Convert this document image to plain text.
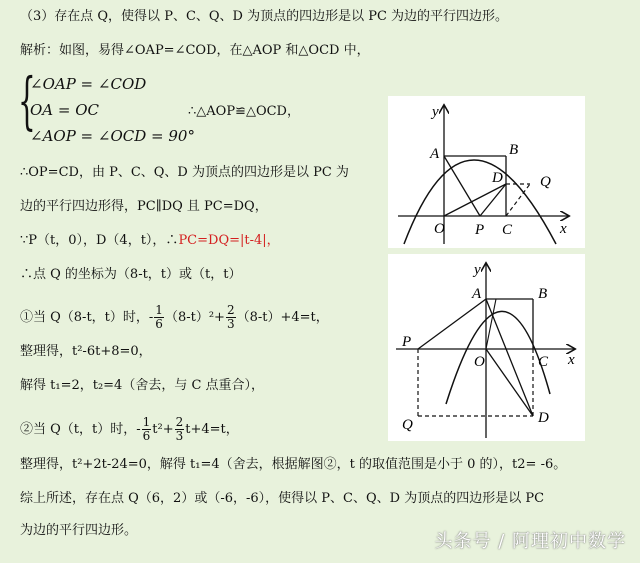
（3）存在点 Q，使得以 P、C、Q、D 为顶点的四边形是以 PC 为边的平行四边形。
解析：如图，易得∠OAP=∠COD，在△AOP 和△OCD 中，
{
∠OAP = ∠COD
OA = OC
∠AOP = ∠OCD = 90°
∴△AOP≌△OCD，
∴OP=CD，由 P、C、Q、D 为顶点的四边形是以 PC 为
边的平行四边形得，PC∥DQ 且 PC=DQ，
∵P（t，0），D（4，t），∴PC=DQ=|t-4|，
∴点 Q 的坐标为（8-t，t）或（t，t）
①当 Q（8-t，t）时，- $\frac{1}{6} (8-t)^2+ \frac{2}{3} (8-t)+4=t$，
整理得，t²-6t+8=0，
解得 t₁=2，t₂=4（舍去，与 C 点重合），
②当 Q（t，t）时，- $\frac{1}{6} t^2+ \frac{2}{3} t+4=t$，
整理得，t²+2t-24=0，解得 t₁=4（舍去，根据解图②，t 的取值范围是小于 0 的），t2= -6。
综上所述，存在点 Q（6，2）或（-6，-6），使得以 P、C、Q、D 为顶点的四边形是以 PC
为边的平行四边形。
y
x
A	B
D Q
O P C
y
x
A	B
P
O	C
Q	D
头条号 / 阿理初中数学
